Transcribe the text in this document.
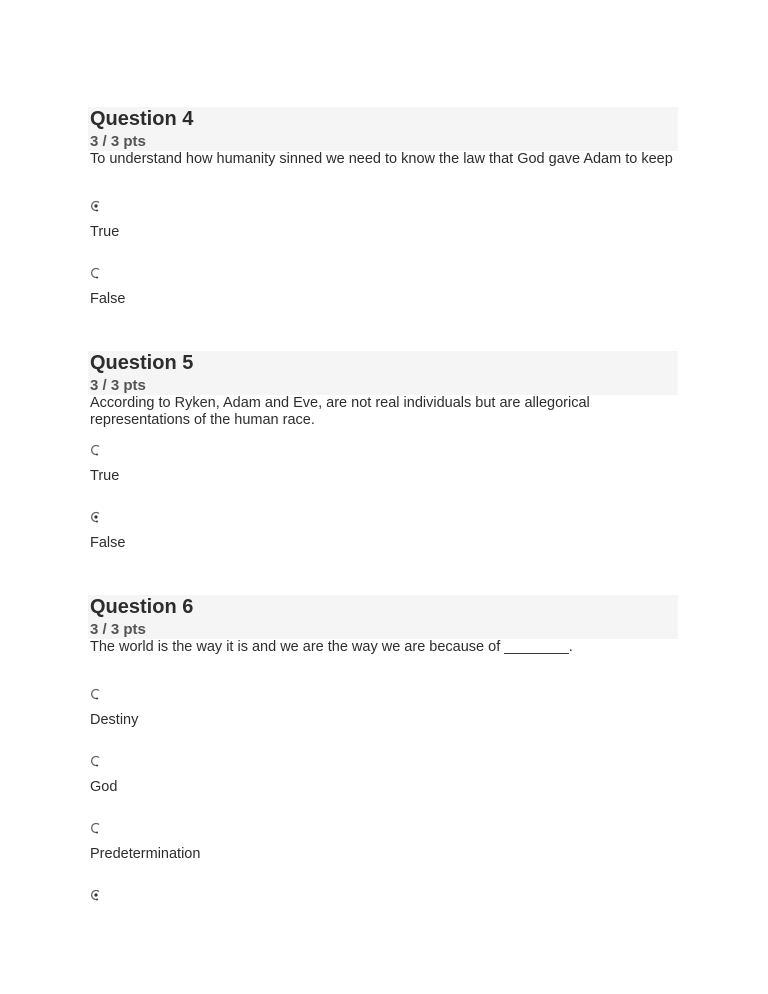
Question 4
3 / 3 pts
To understand how humanity sinned we need to know the law that God gave Adam to keep
True
False
Question 5
3 / 3 pts
According to Ryken, Adam and Eve, are not real individuals but are allegorical representations of the human race.
True
False
Question 6
3 / 3 pts
The world is the way it is and we are the way we are because of ________.
Destiny
God
Predetermination
